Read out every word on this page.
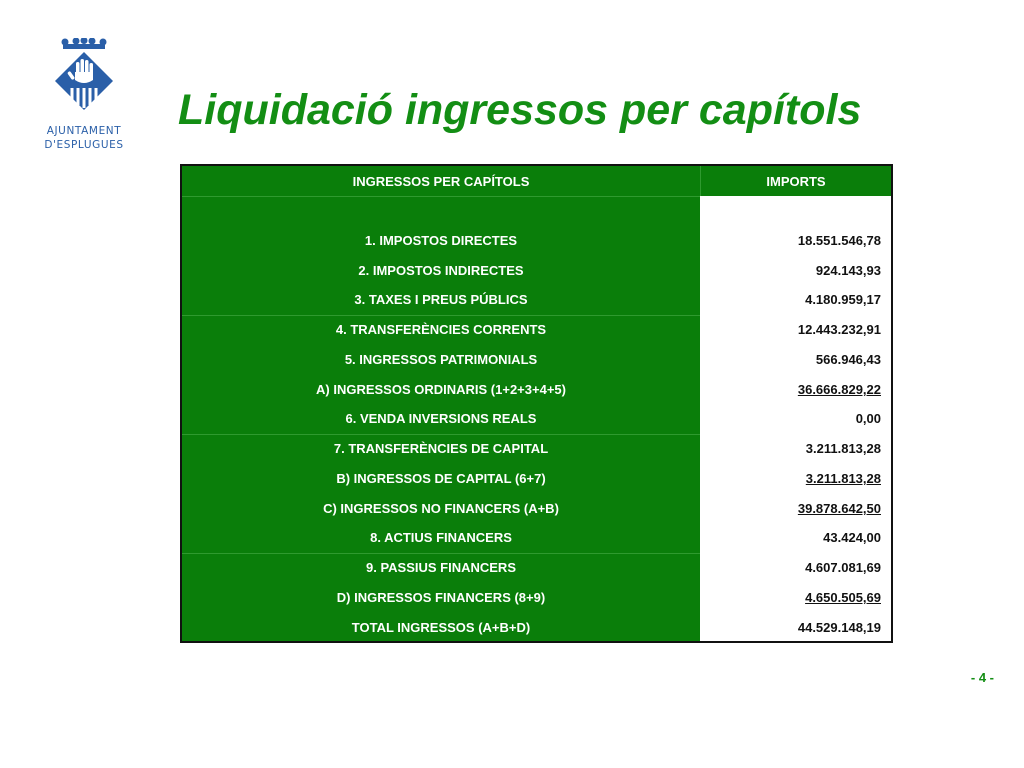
AJUNTAMENT
D'ESPLUGUES
Liquidació ingressos per capítols
INGRESSOS PER CAPÍTOLS	IMPORTS
1. IMPOSTOS DIRECTES	18.551.546,78
2. IMPOSTOS INDIRECTES	924.143,93
3. TAXES I PREUS PÚBLICS	4.180.959,17
4. TRANSFERÈNCIES CORRENTS	12.443.232,91
5. INGRESSOS PATRIMONIALS	566.946,43
A) INGRESSOS ORDINARIS (1+2+3+4+5)	36.666.829,22
6. VENDA INVERSIONS REALS	0,00
7. TRANSFERÈNCIES DE CAPITAL	3.211.813,28
B) INGRESSOS DE CAPITAL (6+7)	3.211.813,28
C) INGRESSOS NO FINANCERS (A+B)	39.878.642,50
8. ACTIUS FINANCERS	43.424,00
9. PASSIUS FINANCERS	4.607.081,69
D) INGRESSOS FINANCERS (8+9)	4.650.505,69
TOTAL INGRESSOS (A+B+D)	44.529.148,19
- 4 -
